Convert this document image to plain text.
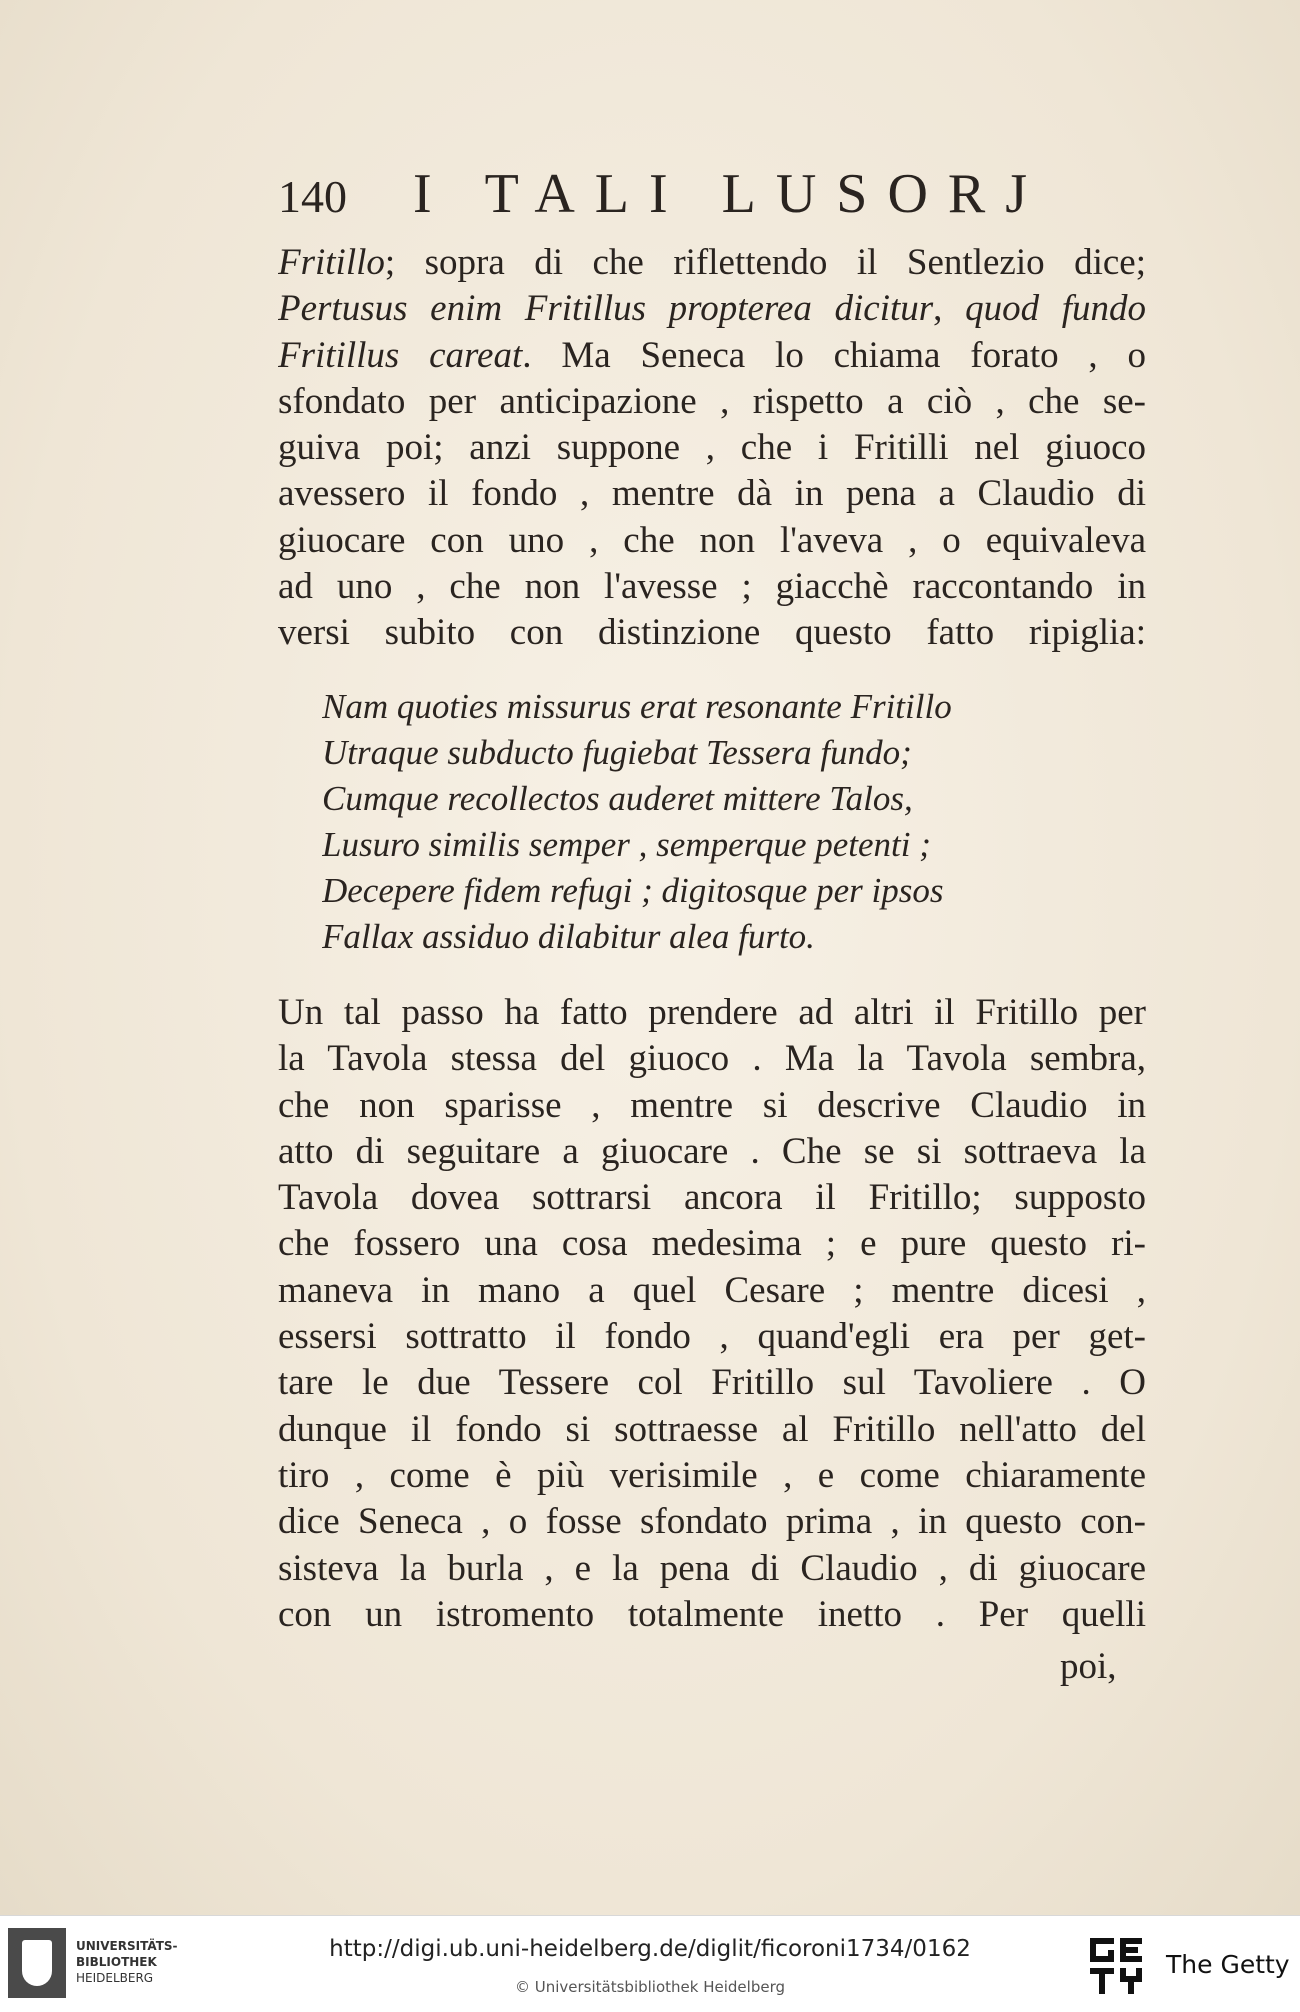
140 I TALI LUSORJ
Fritillo; sopra di che riflettendo il Sentlezio dice;
Pertusus enim Fritillus propterea dicitur, quod fundo
Fritillus careat. Ma Seneca lo chiama forato , o
sfondato per anticipazione , rispetto a ciò , che se-
guiva poi; anzi suppone , che i Fritilli nel giuoco
avessero il fondo , mentre dà in pena a Claudio di
giuocare con uno , che non l'aveva , o equivaleva
ad uno , che non l'avesse ; giacchè raccontando in
versi subito con distinzione questo fatto ripiglia:
Nam quoties missurus erat resonante Fritillo
Utraque subducto fugiebat Tessera fundo;
Cumque recollectos auderet mittere Talos,
Lusuro similis semper , semperque petenti ;
Decepere fidem refugi ; digitosque per ipsos
Fallax assiduo dilabitur alea furto.
Un tal passo ha fatto prendere ad altri il Fritillo per
la Tavola stessa del giuoco . Ma la Tavola sembra,
che non sparisse , mentre si descrive Claudio in
atto di seguitare a giuocare . Che se si sottraeva la
Tavola dovea sottrarsi ancora il Fritillo; supposto
che fossero una cosa medesima ; e pure questo ri-
maneva in mano a quel Cesare ; mentre dicesi ,
essersi sottratto il fondo , quand'egli era per get-
tare le due Tessere col Fritillo sul Tavoliere . O
dunque il fondo si sottraesse al Fritillo nell'atto del
tiro , come è più verisimile , e come chiaramente
dice Seneca , o fosse sfondato prima , in questo con-
sisteva la burla , e la pena di Claudio , di giuocare
con un istromento totalmente inetto . Per quelli
poi,
UNIVERSITÄTS-
BIBLIOTHEK
HEIDELBERG
http://digi.ub.uni-heidelberg.de/diglit/ficoroni1734/0162
© Universitätsbibliothek Heidelberg
The Getty
